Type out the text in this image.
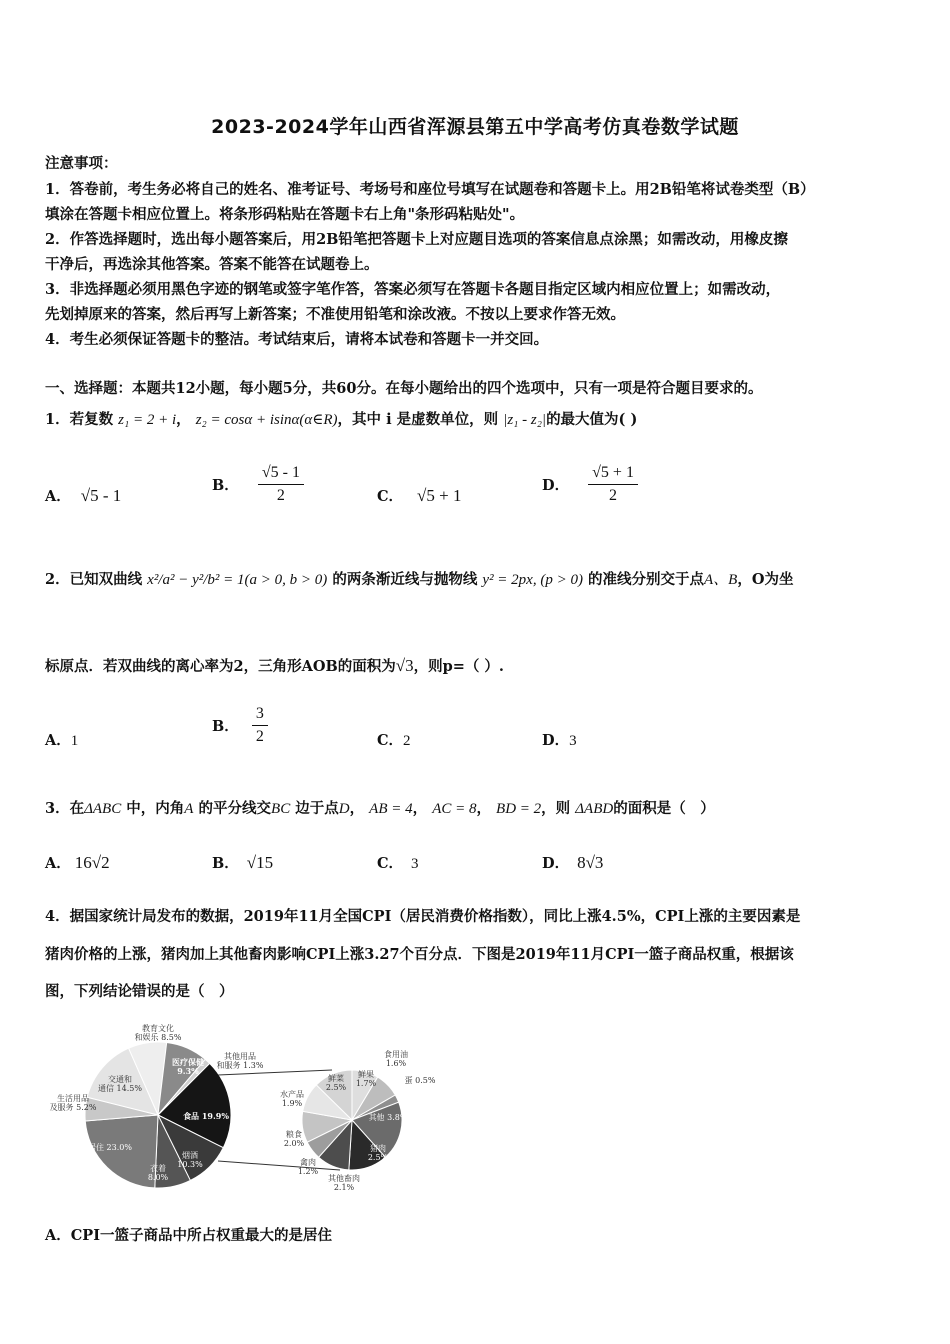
2023-2024学年山西省浑源县第五中学高考仿真卷数学试题
注意事项：
1．答卷前，考生务必将自己的姓名、准考证号、考场号和座位号填写在试题卷和答题卡上。用2B铅笔将试卷类型（B）
填涂在答题卡相应位置上。将条形码粘贴在答题卡右上角"条形码粘贴处"。
2．作答选择题时，选出每小题答案后，用2B铅笔把答题卡上对应题目选项的答案信息点涂黑；如需改动，用橡皮擦
干净后，再选涂其他答案。答案不能答在试题卷上。
3．非选择题必须用黑色字迹的钢笔或签字笔作答，答案必须写在答题卡各题目指定区域内相应位置上；如需改动，
先划掉原来的答案，然后再写上新答案；不准使用铅笔和涂改液。不按以上要求作答无效。
4．考生必须保证答题卡的整洁。考试结束后，请将本试卷和答题卡一并交回。
一、选择题：本题共12小题，每小题5分，共60分。在每小题给出的四个选项中，只有一项是符合题目要求的。
1．若复数 z₁ = 2 + i， z₂ = cosα + isinα(α∈R)，其中 i 是虚数单位，则 |z₁ - z₂|的最大值为( )
A． √5 - 1
B． $\frac{√5 - 1}{2}$	C． √5 + 1
D． $\frac{√5 + 1}{2}$
2．已知双曲线 x²/a² − y²/b² = 1(a > 0, b > 0) 的两条渐近线与抛物线 y² = 2px, (p > 0) 的准线分别交于点A、B，O为坐
标原点．若双曲线的离心率为2，三角形AOB的面积为√3，则p=（ ）.
A．1
B． $\frac{3}{2}$	C．2	D．3
3．在ΔABC 中，内角A 的平分线交BC 边于点D， AB = 4， AC = 8， BD = 2，则 ΔABD的面积是（　）
A． 16√2	B． √15	C． 3	D． 8√3
4．据国家统计局发布的数据，2019年11月全国CPI（居民消费价格指数），同比上涨4.5%，CPI上涨的主要因素是
猪肉价格的上涨，猪肉加上其他畜肉影响CPI上涨3.27个百分点．下图是2019年11月CPI一篮子商品权重，根据该
图，下列结论错误的是（　）
食品 19.9%
烟酒
10.3%
衣着
8.0%
居住 23.0%
生活用品
及服务 5.2%
交通和
通信 14.5%
教育文化
和娱乐 8.5%
医疗保健
9.3%
其他用品
和服务 1.3%
鲜果
1.7%
食用油
1.6%
蛋 0.5%
其他 3.8%
猪肉
2.5%
其他畜肉
2.1%
禽肉
1.2%
粮食
2.0%
水产品
1.9%
鲜菜
2.5%
A．CPI一篮子商品中所占权重最大的是居住
